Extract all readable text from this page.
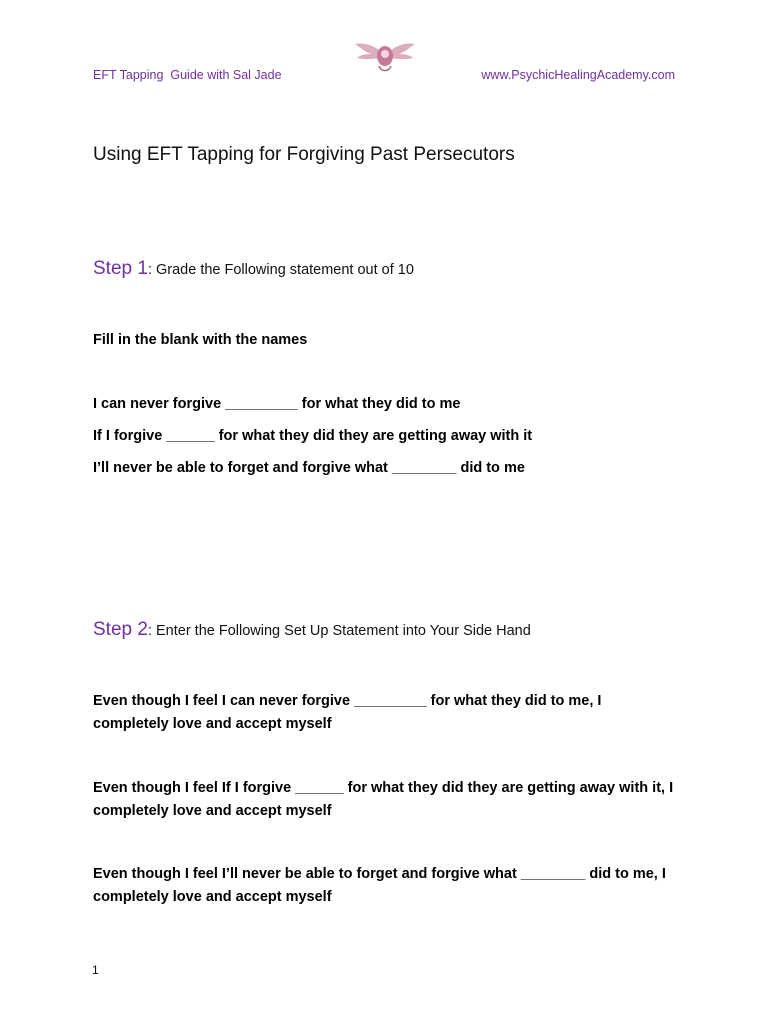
EFT Tapping  Guide with Sal Jade	www.PsychicHealingAcademy.com
Using EFT Tapping for Forgiving Past Persecutors
Step 1: Grade the Following statement out of 10
Fill in the blank with the names
I can never forgive _________ for what they did to me
If I forgive ______ for what they did they are getting away with it
I’ll never be able to forget and forgive what ________ did to me
Step 2: Enter the Following Set Up Statement into Your Side Hand
Even though I feel I can never forgive _________ for what they did to me, I completely love and accept myself
Even though I feel If I forgive ______ for what they did they are getting away with it, I completely love and accept myself
Even though I feel I’ll never be able to forget and forgive what ________ did to me, I completely love and accept myself
1
